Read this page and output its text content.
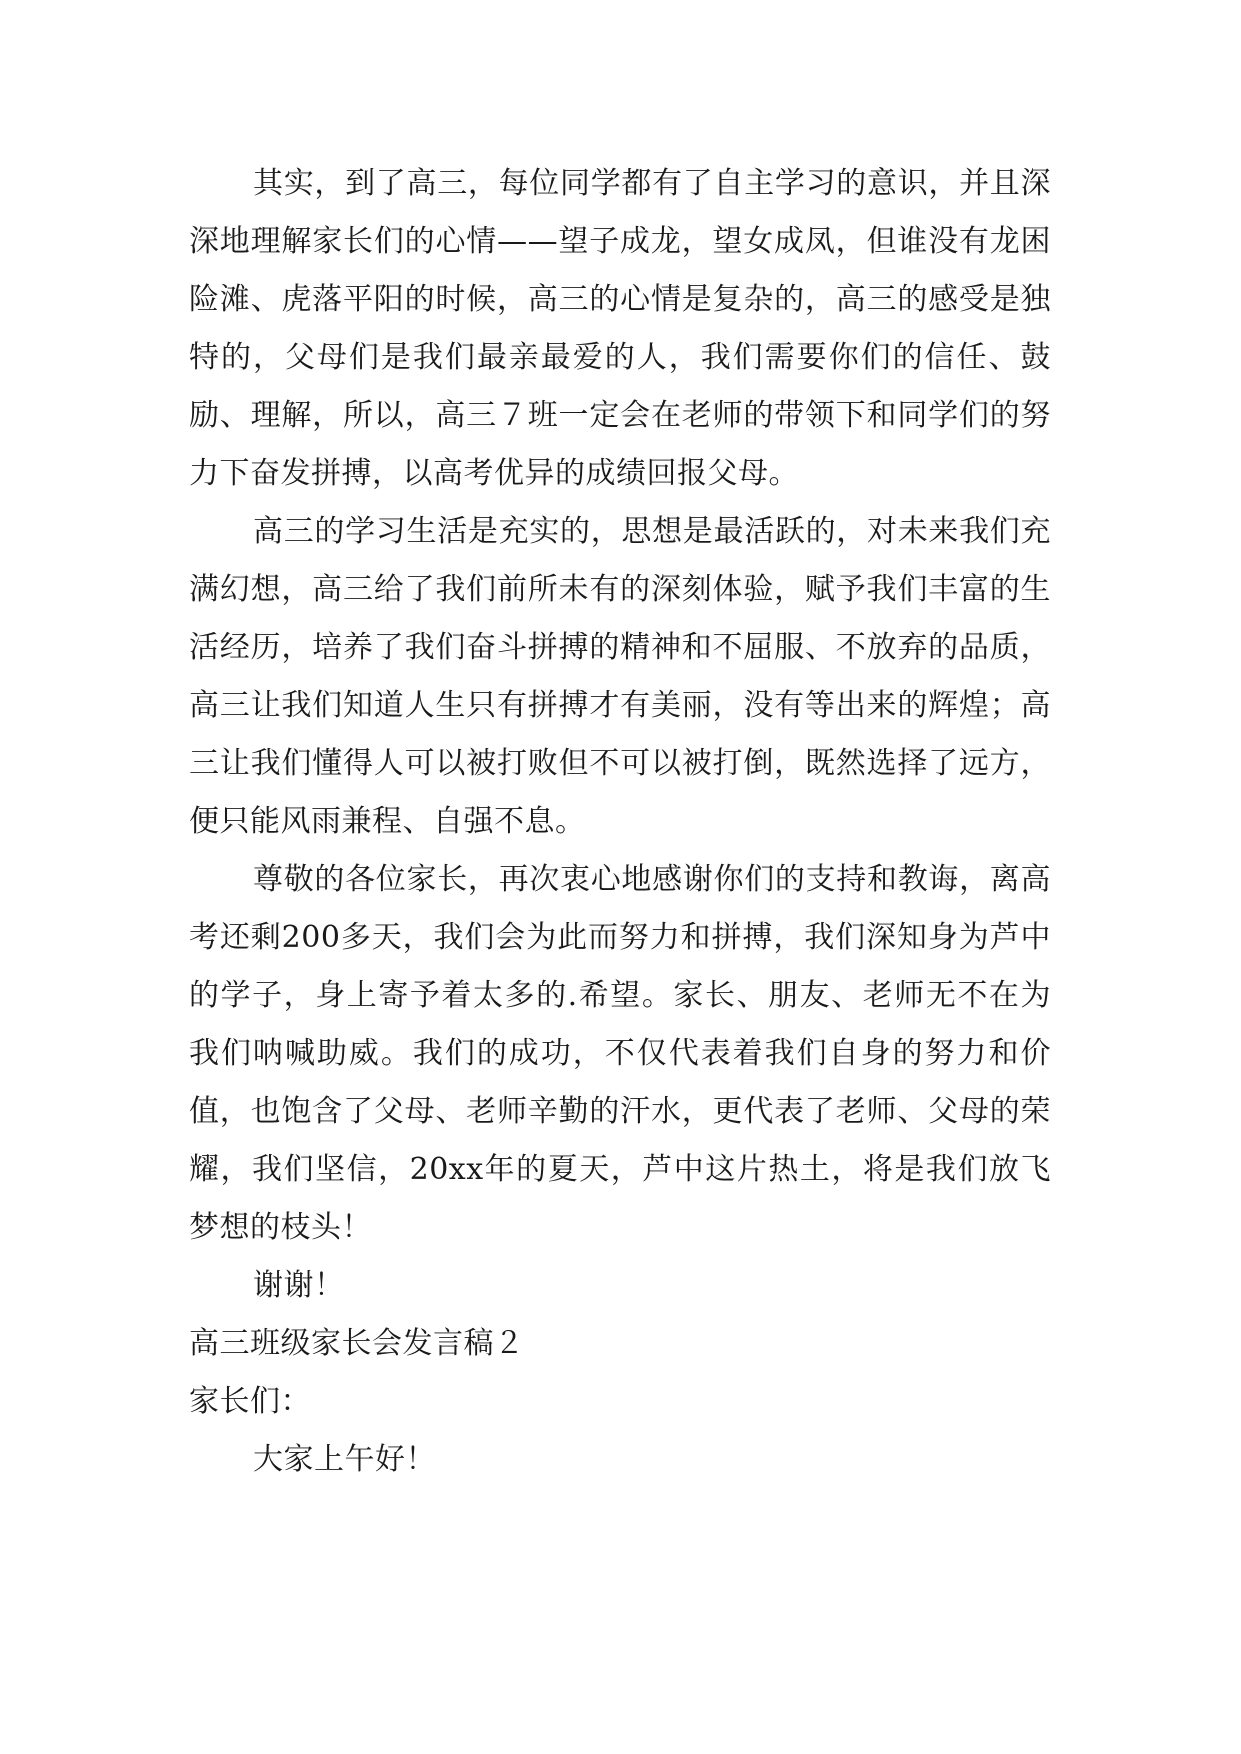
其实，到了高三，每位同学都有了自主学习的意识，并且深深地理解家长们的心情——望子成龙，望女成凤，但谁没有龙困险滩、虎落平阳的时候，高三的心情是复杂的，高三的感受是独特的，父母们是我们最亲最爱的人，我们需要你们的信任、鼓励、理解，所以，高三７班一定会在老师的带领下和同学们的努力下奋发拼搏，以高考优异的成绩回报父母。

高三的学习生活是充实的，思想是最活跃的，对未来我们充满幻想，高三给了我们前所未有的深刻体验，赋予我们丰富的生活经历，培养了我们奋斗拼搏的精神和不屈服、不放弃的品质，高三让我们知道人生只有拼搏才有美丽，没有等出来的辉煌；高三让我们懂得人可以被打败但不可以被打倒，既然选择了远方，便只能风雨兼程、自强不息。

尊敬的各位家长，再次衷心地感谢你们的支持和教诲，离高考还剩200多天，我们会为此而努力和拼搏，我们深知身为芦中的学子，身上寄予着太多的.希望。家长、朋友、老师无不在为我们呐喊助威。我们的成功，不仅代表着我们自身的努力和价值，也饱含了父母、老师辛勤的汗水，更代表了老师、父母的荣耀，我们坚信，20xx年的夏天，芦中这片热土，将是我们放飞梦想的枝头！

谢谢！

高三班级家长会发言稿２

家长们：

大家上午好！
